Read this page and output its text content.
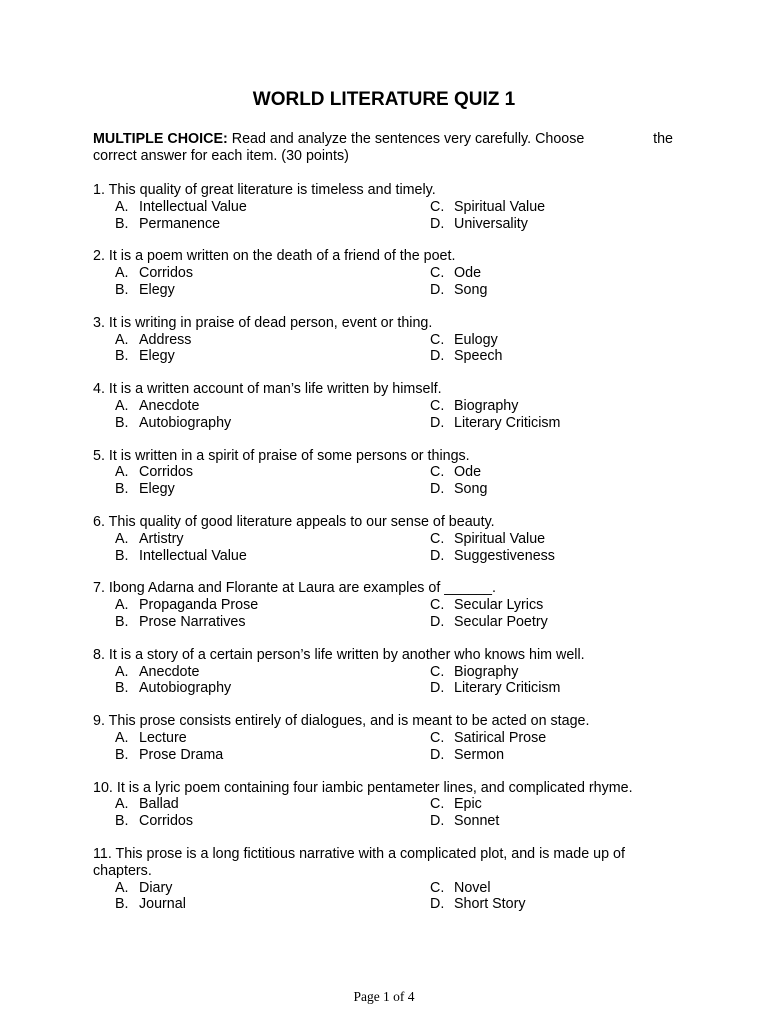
WORLD LITERATURE QUIZ 1
MULTIPLE CHOICE: Read and analyze the sentences very carefully. Choose	the
correct answer for each item. (30 points)
1. This quality of great literature is timeless and timely.
A. Intellectual Value	C. Spiritual Value
B. Permanence	D. Universality
2. It is a poem written on the death of a friend of the poet.
A. Corridos	C. Ode
B. Elegy	D. Song
3. It is writing in praise of dead person, event or thing.
A. Address	C. Eulogy
B. Elegy	D. Speech
4. It is a written account of man’s life written by himself.
A. Anecdote	C. Biography
B. Autobiography	D. Literary Criticism
5. It is written in a spirit of praise of some persons or things.
A. Corridos	C. Ode
B. Elegy	D. Song
6. This quality of good literature appeals to our sense of beauty.
A. Artistry	C. Spiritual Value
B. Intellectual Value	D. Suggestiveness
7. Ibong Adarna and Florante at Laura are examples of ______.
A. Propaganda Prose	C. Secular Lyrics
B. Prose Narratives	D. Secular Poetry
8. It is a story of a certain person’s life written by another who knows him well.
A. Anecdote	C. Biography
B. Autobiography	D. Literary Criticism
9. This prose consists entirely of dialogues, and is meant to be acted on stage.
A. Lecture	C. Satirical Prose
B. Prose Drama	D. Sermon
10. It is a lyric poem containing four iambic pentameter lines, and complicated rhyme.
A. Ballad	C. Epic
B. Corridos	D. Sonnet
11. This prose is a long fictitious narrative with a complicated plot, and is made up of chapters.
A. Diary	C. Novel
B. Journal	D. Short Story
Page 1 of 4
